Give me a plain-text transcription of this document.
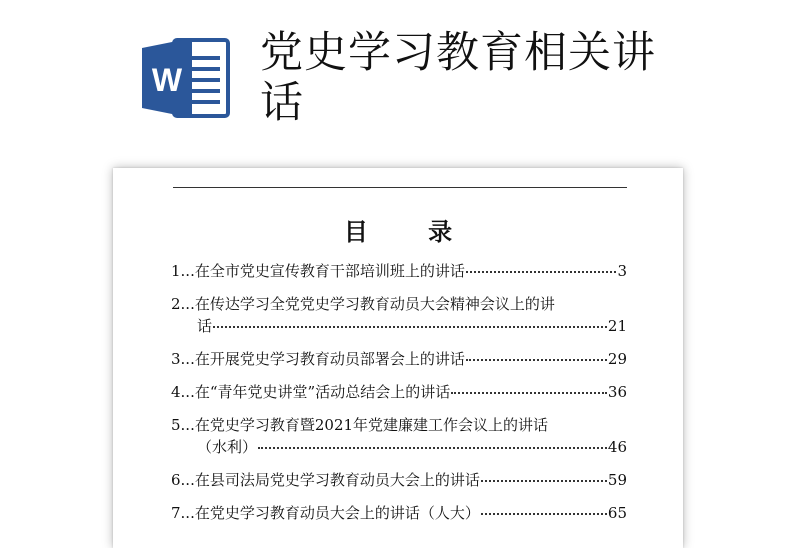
W
党史学习教育相关讲话
目 录
1... 在全市党史宣传教育干部培训班上的讲话	3
2... 在传达学习全党党史学习教育动员大会精神会议上的讲
话	21
3... 在开展党史学习教育动员部署会上的讲话	29
4... 在“青年党史讲堂”活动总结会上的讲话	36
5... 在党史学习教育暨2021年党建廉建工作会议上的讲话
（水利）	46
6... 在县司法局党史学习教育动员大会上的讲话	59
7... 在党史学习教育动员大会上的讲话（人大）	65
